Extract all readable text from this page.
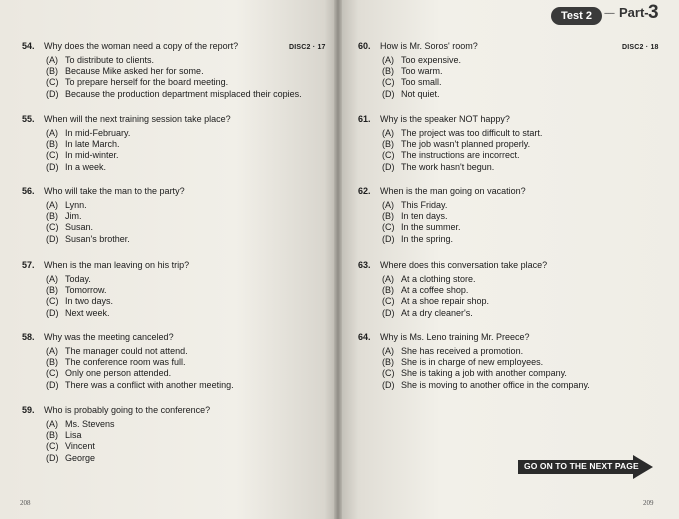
Test 2	----- Part- 3
DISC2 · 17	DISC2 · 18
54.	Why does the woman need a copy of the report?
(A) To distribute to clients.
(B) Because Mike asked her for some.
(C) To prepare herself for the board meeting.
(D) Because the production department misplaced their copies.
55.	When will the next training session take place?
(A) In mid-February.
(B) In late March.
(C) In mid-winter.
(D) In a week.
56.	Who will take the man to the party?
(A) Lynn.
(B) Jim.
(C) Susan.
(D) Susan's brother.
57.	When is the man leaving on his trip?
(A) Today.
(B) Tomorrow.
(C) In two days.
(D) Next week.
58.	Why was the meeting canceled?
(A) The manager could not attend.
(B) The conference room was full.
(C) Only one person attended.
(D) There was a conflict with another meeting.
59.	Who is probably going to the conference?
(A) Ms. Stevens
(B) Lisa
(C) Vincent
(D) George
60.	How is Mr. Soros' room?
(A) Too expensive.
(B) Too warm.
(C) Too small.
(D) Not quiet.
61.	Why is the speaker NOT happy?
(A) The project was too difficult to start.
(B) The job wasn't planned properly.
(C) The instructions are incorrect.
(D) The work hasn't begun.
62.	When is the man going on vacation?
(A) This Friday.
(B) In ten days.
(C) In the summer.
(D) In the spring.
63.	Where does this conversation take place?
(A) At a clothing store.
(B) At a coffee shop.
(C) At a shoe repair shop.
(D) At a dry cleaner's.
64.	Why is Ms. Leno training Mr. Preece?
(A) She has received a promotion.
(B) She is in charge of new employees.
(C) She is taking a job with another company.
(D) She is moving to another office in the company.
GO ON TO THE NEXT PAGE
208	209
